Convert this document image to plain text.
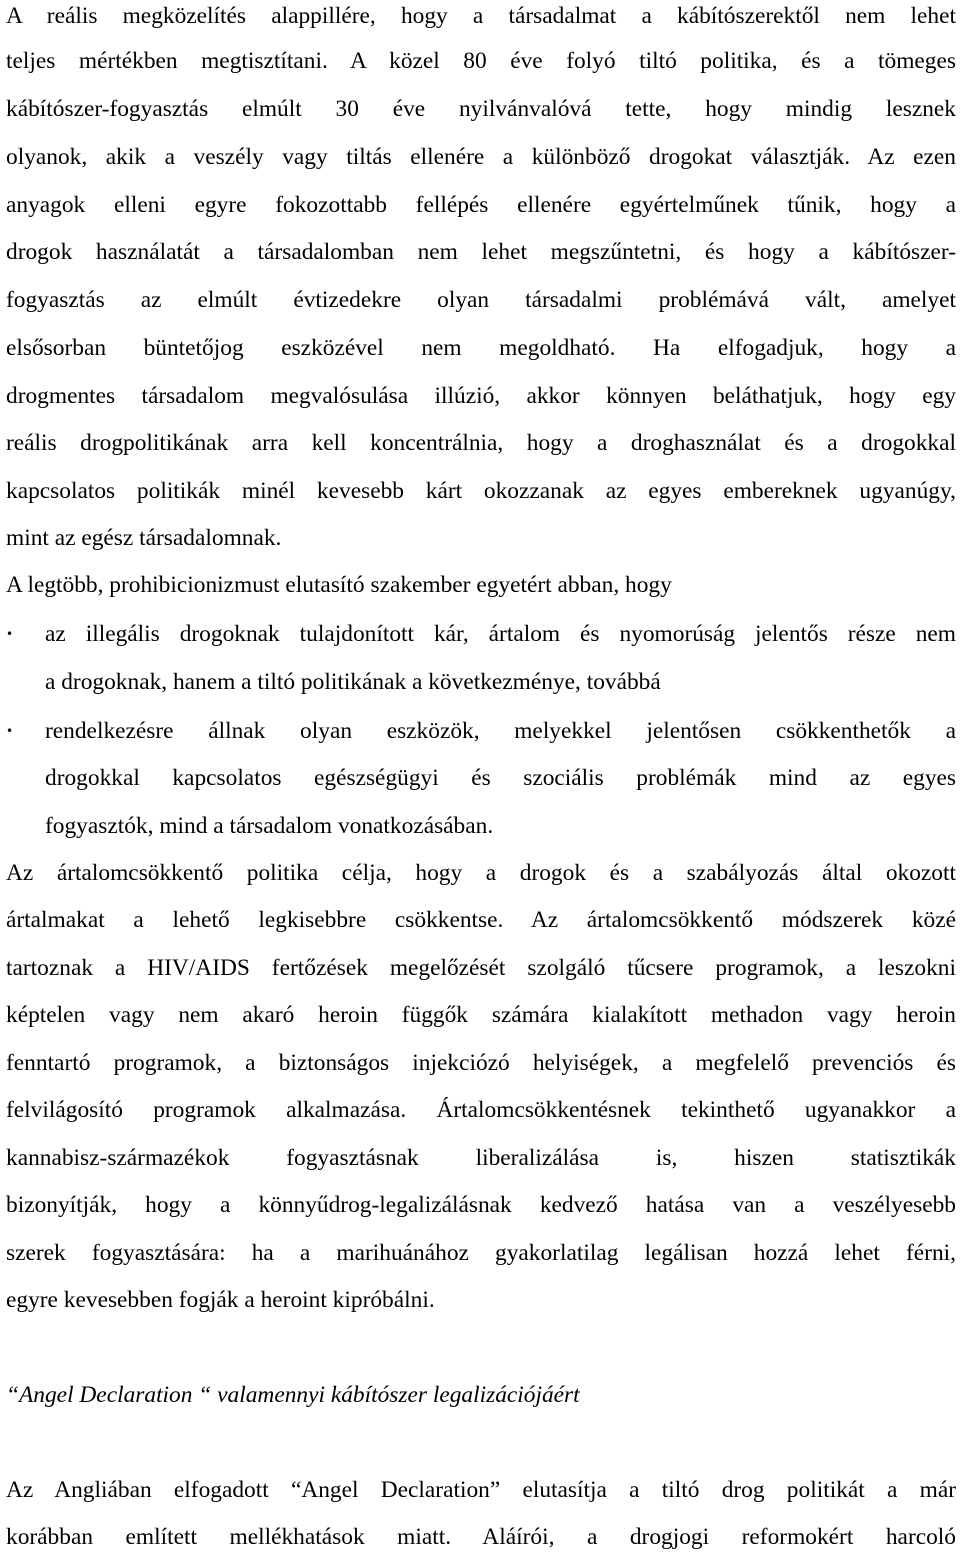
A reális megközelítés alappillére, hogy a társadalmat a kábítószerektől nem lehet
teljes mértékben megtisztítani. A közel 80 éve folyó tiltó politika, és a tömeges
kábítószer-fogyasztás elmúlt 30 éve nyilvánvalóvá tette, hogy mindig lesznek
olyanok, akik a veszély vagy tiltás ellenére a különböző drogokat választják. Az ezen
anyagok elleni egyre fokozottabb fellépés ellenére egyértelműnek tűnik, hogy a
drogok használatát a társadalomban nem lehet megszűntetni, és hogy a kábítószer-
fogyasztás az elmúlt évtizedekre olyan társadalmi problémává vált, amelyet
elsősorban büntetőjog eszközével nem megoldható. Ha elfogadjuk, hogy a
drogmentes társadalom megvalósulása illúzió, akkor könnyen beláthatjuk, hogy egy
reális drogpolitikának arra kell koncentrálnia, hogy a droghasználat és a drogokkal
kapcsolatos politikák minél kevesebb kárt okozzanak az egyes embereknek ugyanúgy,
mint az egész társadalomnak.
A legtöbb, prohibicionizmust elutasító szakember egyetért abban, hogy
• az illegális drogoknak tulajdonított kár, ártalom és nyomorúság jelentős része nem
a drogoknak, hanem a tiltó politikának a következménye, továbbá
• rendelkezésre állnak olyan eszközök, melyekkel jelentősen csökkenthetők a
drogokkal kapcsolatos egészségügyi és szociális problémák mind az egyes
fogyasztók, mind a társadalom vonatkozásában.
Az ártalomcsökkentő politika célja, hogy a drogok és a szabályozás által okozott
ártalmakat a lehető legkisebbre csökkentse. Az ártalomcsökkentő módszerek közé
tartoznak a HIV/AIDS fertőzések megelőzését szolgáló tűcsere programok, a leszokni
képtelen vagy nem akaró heroin függők számára kialakított methadon vagy heroin
fenntartó programok, a biztonságos injekciózó helyiségek, a megfelelő prevenciós és
felvilágosító programok alkalmazása. Ártalomcsökkentésnek tekinthető ugyanakkor a
kannabisz-származékok fogyasztásnak liberalizálása is, hiszen statisztikák
bizonyítják, hogy a könnyűdrog-legalizálásnak kedvező hatása van a veszélyesebb
szerek fogyasztására: ha a marihuánához gyakorlatilag legálisan hozzá lehet férni,
egyre kevesebben fogják a heroint kipróbálni.
“Angel Declaration “ valamennyi kábítószer legalizációjáért
Az Angliában elfogadott “Angel Declaration” elutasítja a tiltó drog politikát a már
korábban említett mellékhatások miatt. Aláírói, a drogjogi reformokért harcoló
